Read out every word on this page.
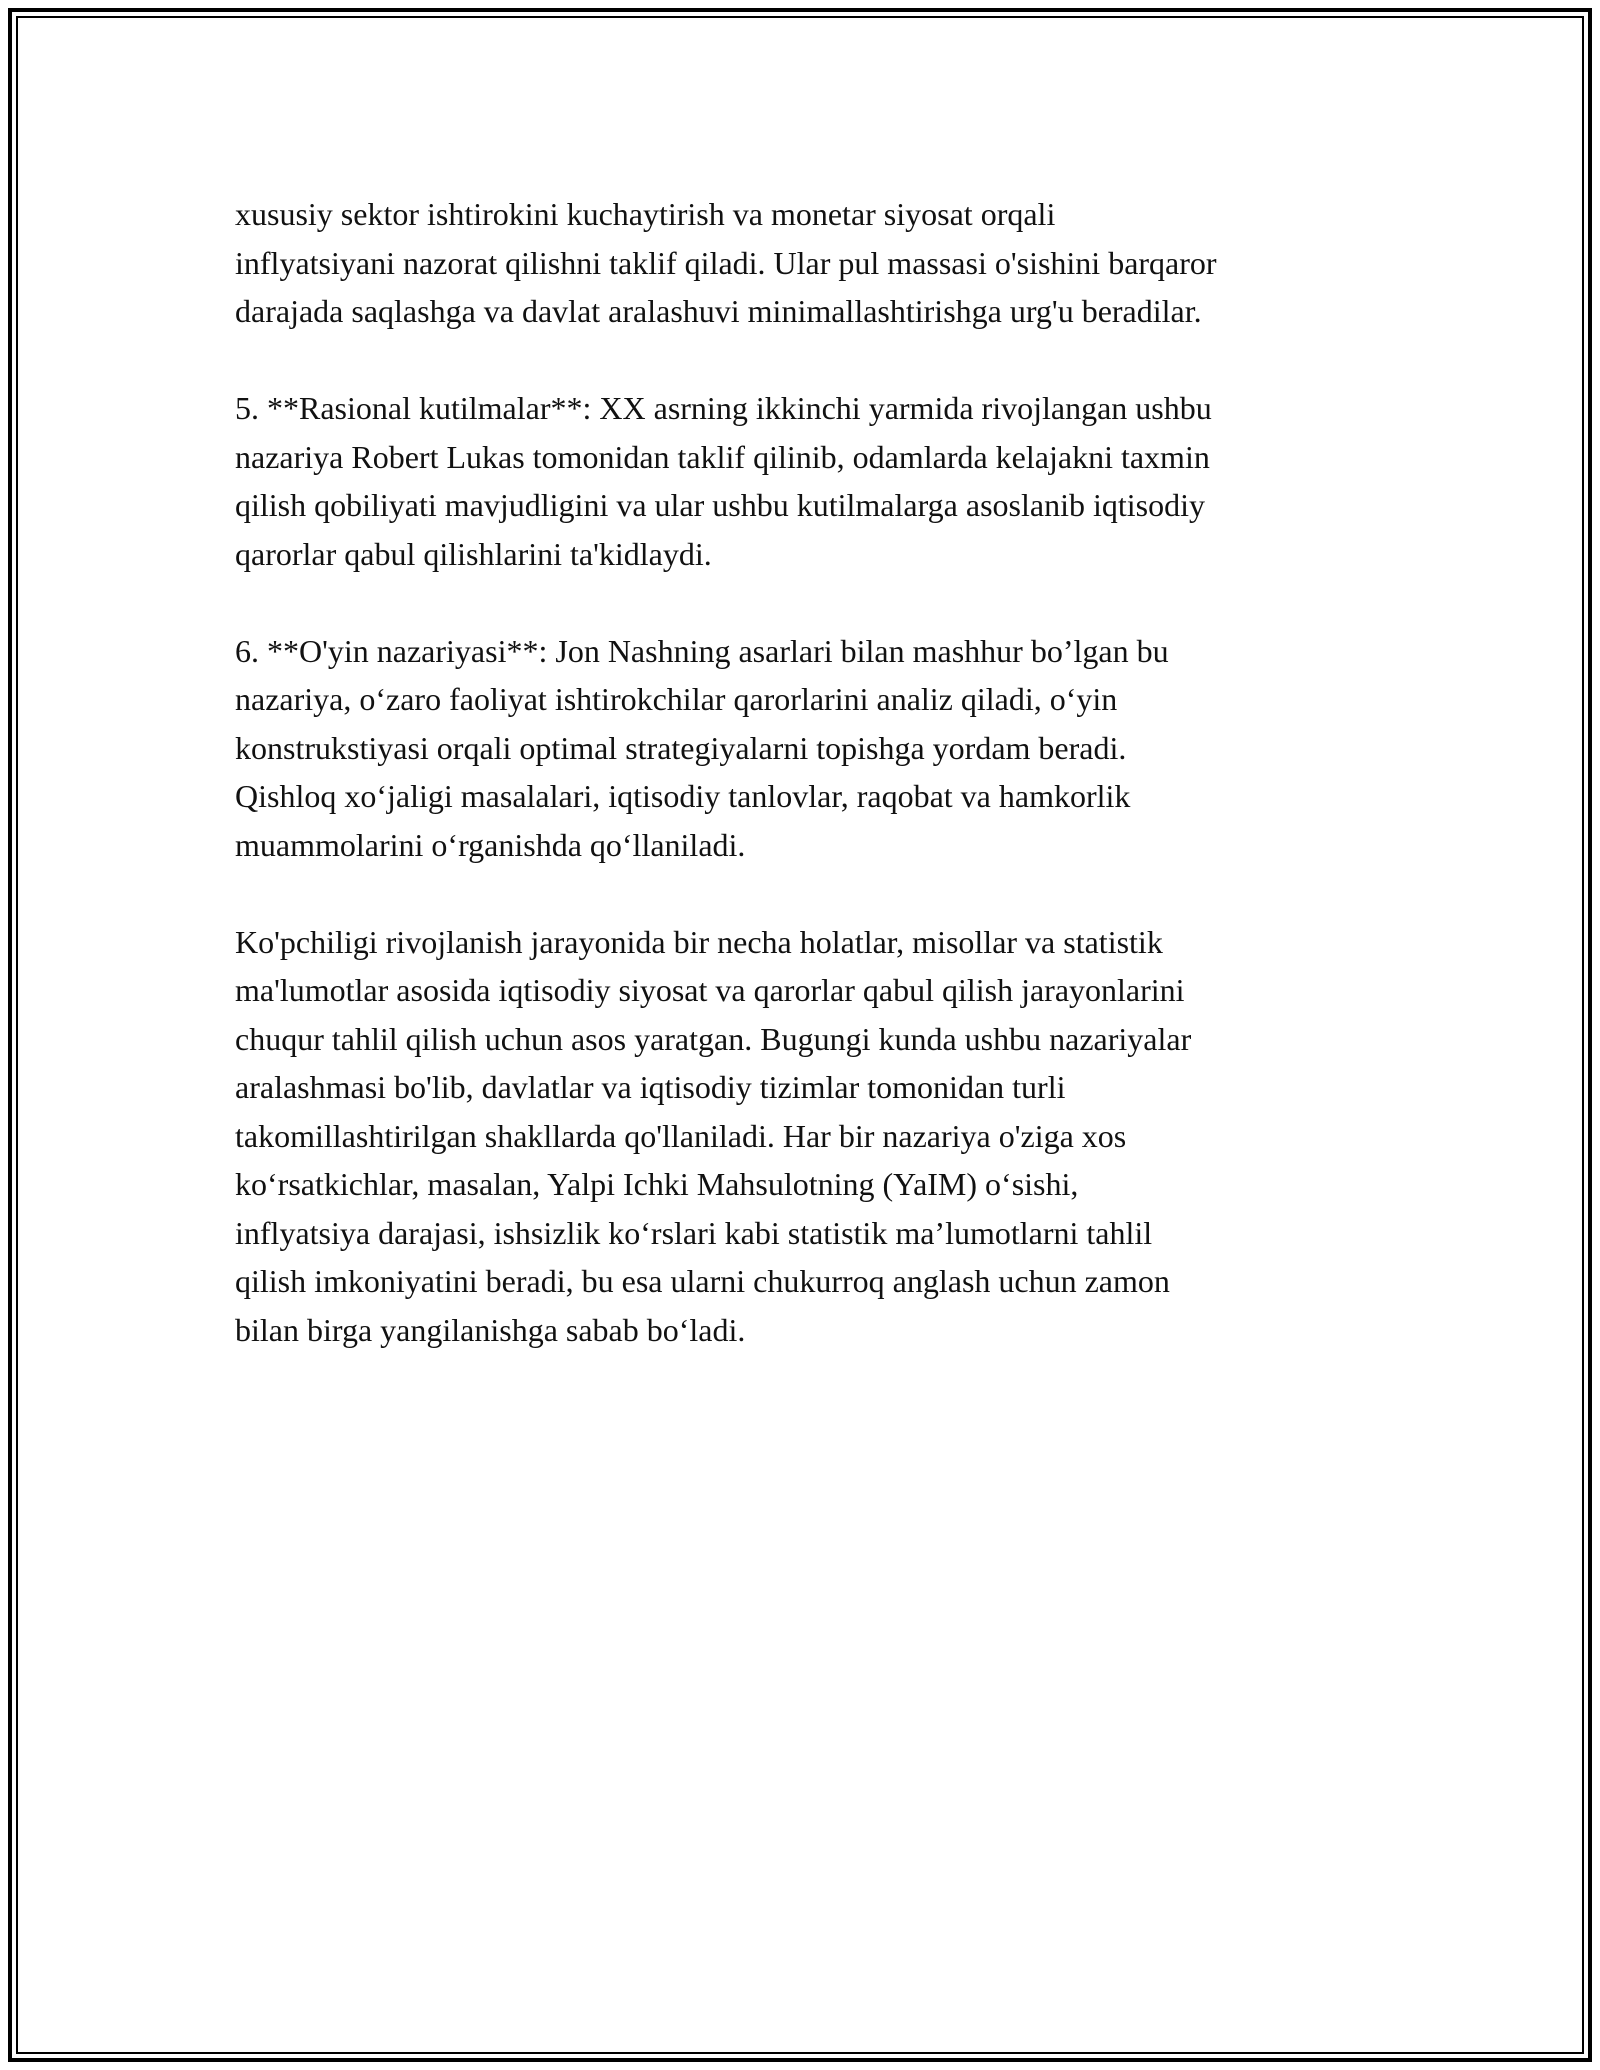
xususiy sektor ishtirokini kuchaytirish va monetar siyosat orqali
inflyatsiyani nazorat qilishni taklif qiladi. Ular pul massasi o'sishini barqaror
darajada saqlashga va davlat aralashuvi minimallashtirishga urg'u beradilar.

5. **Rasional kutilmalar**: XX asrning ikkinchi yarmida rivojlangan ushbu
nazariya Robert Lukas tomonidan taklif qilinib, odamlarda kelajakni taxmin
qilish qobiliyati mavjudligini va ular ushbu kutilmalarga asoslanib iqtisodiy
qarorlar qabul qilishlarini ta'kidlaydi.

6. **O'yin nazariyasi**: Jon Nashning asarlari bilan mashhur bo’lgan bu
nazariya, o‘zaro faoliyat ishtirokchilar qarorlarini analiz qiladi, o‘yin
konstrukstiyasi orqali optimal strategiyalarni topishga yordam beradi.
Qishloq xo‘jaligi masalalari, iqtisodiy tanlovlar, raqobat va hamkorlik
muammolarini o‘rganishda qo‘llaniladi.

Ko'pchiligi rivojlanish jarayonida bir necha holatlar, misollar va statistik
ma'lumotlar asosida iqtisodiy siyosat va qarorlar qabul qilish jarayonlarini
chuqur tahlil qilish uchun asos yaratgan. Bugungi kunda ushbu nazariyalar
aralashmasi bo'lib, davlatlar va iqtisodiy tizimlar tomonidan turli
takomillashtirilgan shakllarda qo'llaniladi. Har bir nazariya o'ziga xos
ko‘rsatkichlar, masalan, Yalpi Ichki Mahsulotning (YaIM) o‘sishi,
inflyatsiya darajasi, ishsizlik ko‘rslari kabi statistik ma’lumotlarni tahlil
qilish imkoniyatini beradi, bu esa ularni chukurroq anglash uchun zamon
bilan birga yangilanishga sabab bo‘ladi.
